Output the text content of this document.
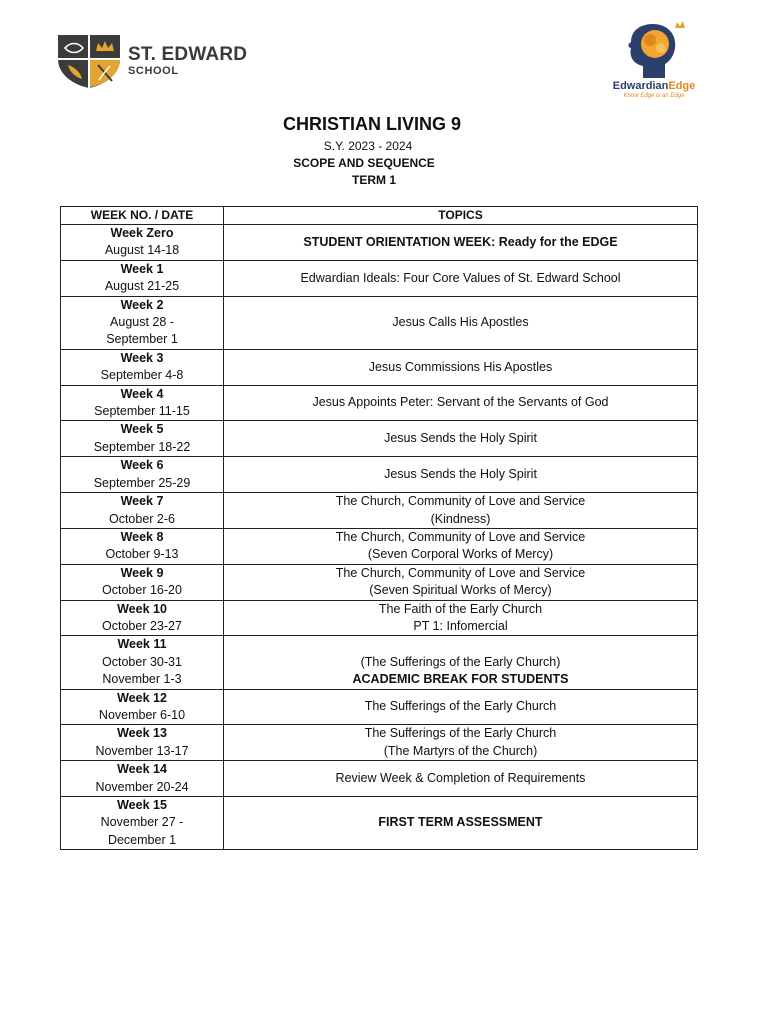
ST. EDWARD
SCHOOL
EdwardianEdge
Know Edge is an Edge
CHRISTIAN LIVING 9
S.Y. 2023 - 2024
SCOPE AND SEQUENCE
TERM 1
WEEK NO. / DATE	TOPICS

Week Zero
August 14-18	STUDENT ORIENTATION WEEK: Ready for the EDGE

Week 1
August 21-25	Edwardian Ideals: Four Core Values of St. Edward School

Week 2
August 28 -
September 1	Jesus Calls His Apostles

Week 3
September 4-8	Jesus Commissions His Apostles

Week 4
September 11-15	Jesus Appoints Peter: Servant of the Servants of God

Week 5
September 18-22	Jesus Sends the Holy Spirit

Week 6
September 25-29	Jesus Sends the Holy Spirit

Week 7
October 2-6	The Church, Community of Love and Service
(Kindness)

Week 8
October 9-13	The Church, Community of Love and Service
(Seven Corporal Works of Mercy)

Week 9
October 16-20	The Church, Community of Love and Service
(Seven Spiritual Works of Mercy)

Week 10
October 23-27	The Faith of the Early Church
PT 1: Infomercial

Week 11
October 30-31
November 1-3	(The Sufferings of the Early Church)
ACADEMIC BREAK FOR STUDENTS

Week 12
November 6-10	The Sufferings of the Early Church

Week 13
November 13-17	The Sufferings of the Early Church
(The Martyrs of the Church)

Week 14
November 20-24	Review Week & Completion of Requirements

Week 15
November 27 -
December 1	FIRST TERM ASSESSMENT
